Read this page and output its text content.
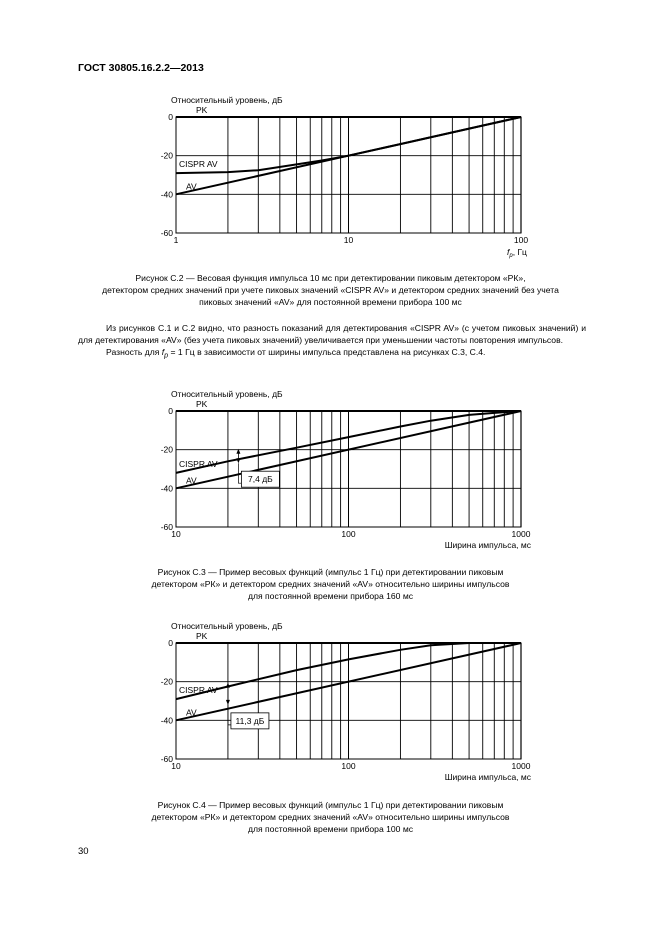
ГОСТ 30805.16.2.2—2013
0
-20
-40
-60
1	10	100
Относительный уровень, дБ
$f_p$, Гц
PK
CISPR AV
AV
Рисунок С.2 — Весовая функция импульса 10 мс при детектировании пиковым детектором «РК»,
детектором средних значений при учете пиковых значений «CISPR AV» и детектором средних значений без учета
пиковых значений «AV» для постоянной времени прибора 100 мс

Из рисунков С.1 и С.2 видно, что разность показаний для детектирования «CISPR AV» (с учетом пиковых значений) и для детектирования «AV» (без учета пиковых значений) увеличивается при уменьшении частоты повторения импульсов.

Разность для $f_p = 1$ Гц в зависимости от ширины импульса представлена на рисунках С.3, С.4.

0
-20
-40
-60
10	100	1000
Относительный уровень, дБ
Ширина импульса, мс
PK
CISPR AV
AV	7,4 дБ
Рисунок С.3 — Пример весовых функций (импульс 1 Гц) при детектировании пиковым
детектором «РК» и детектором средних значений «AV» относительно ширины импульсов
для постоянной времени прибора 160 мс
0
-20
-40
-60
10	100	1000
Относительный уровень, дБ
Ширина импульса, мс
PK
CISPR AV
AV
11,3 дБ
Рисунок С.4 — Пример весовых функций (импульс 1 Гц) при детектировании пиковым
детектором «РК» и детектором средних значений «AV» относительно ширины импульсов
для постоянной времени прибора 100 мс
30
